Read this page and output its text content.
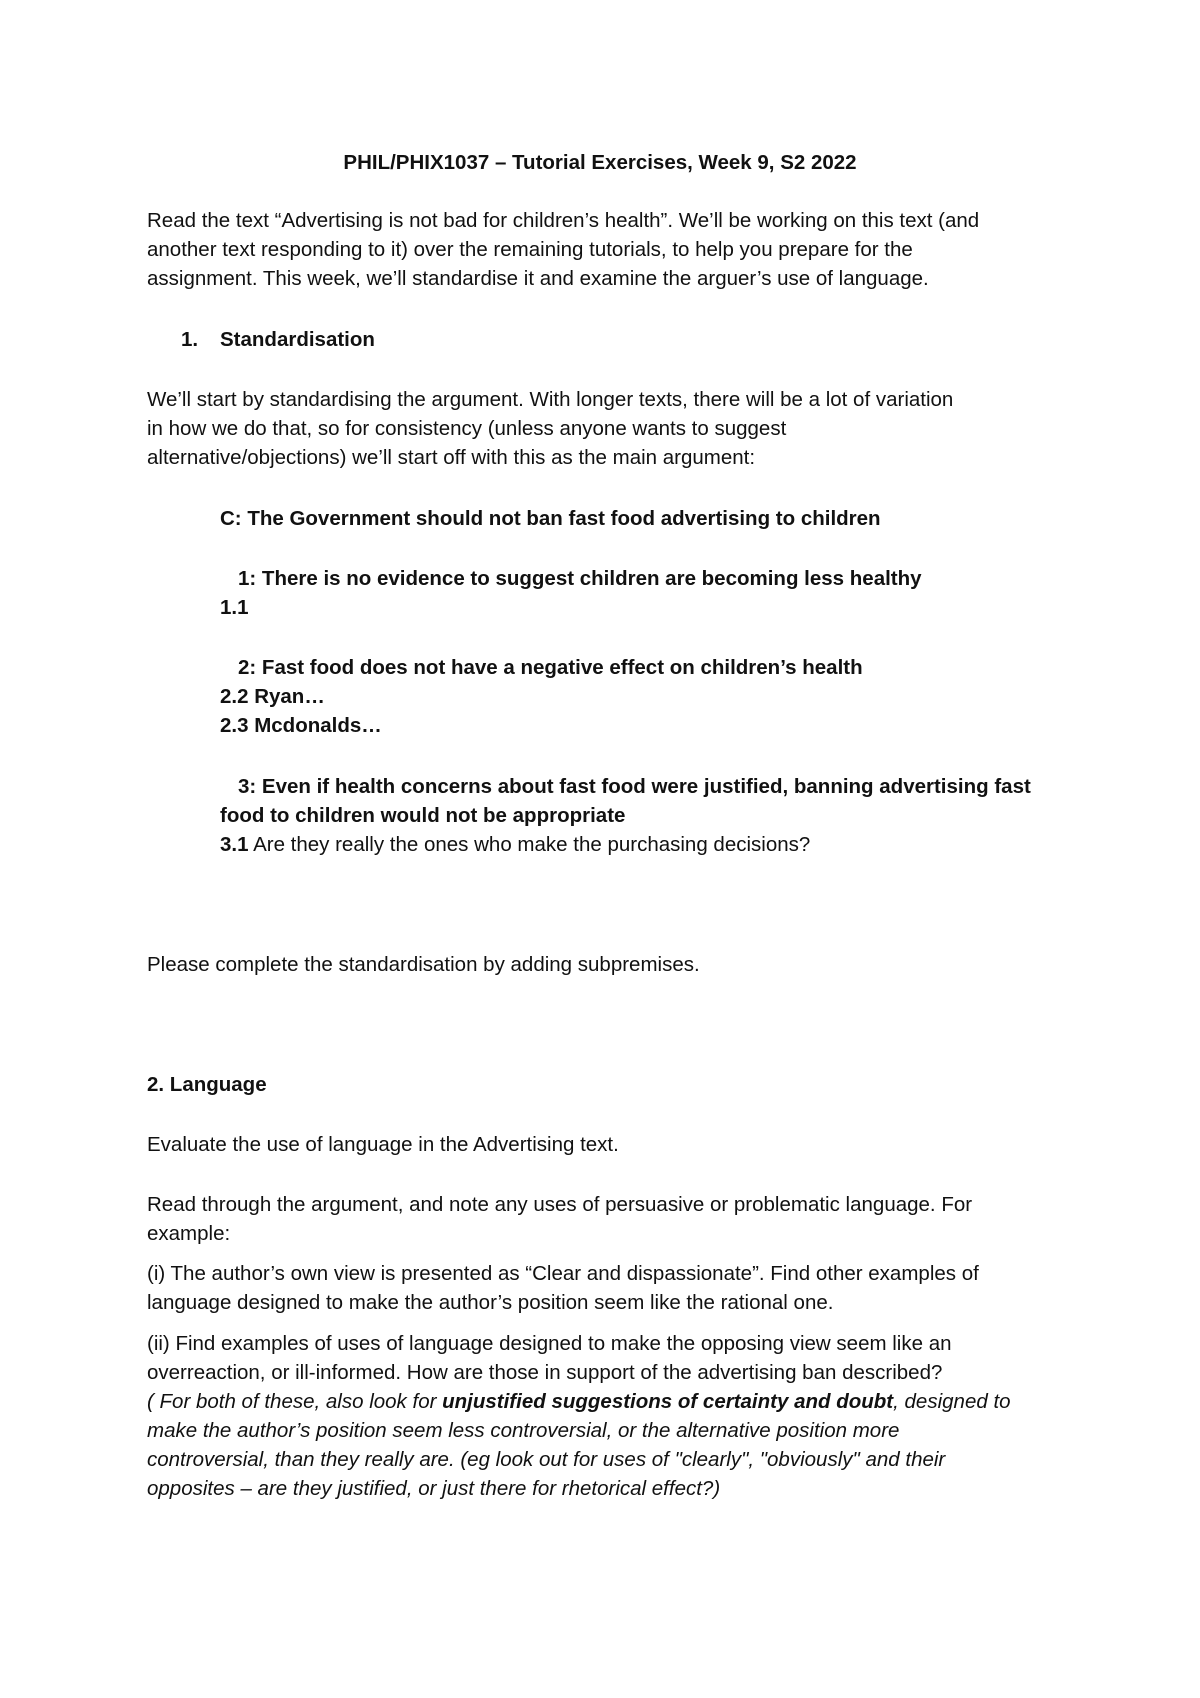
PHIL/PHIX1037 – Tutorial Exercises, Week 9, S2 2022
Read the text “Advertising is not bad for children’s health”. We’ll be working on this text (and
another text responding to it) over the remaining tutorials, to help you prepare for the
assignment. This week, we’ll standardise it and examine the arguer’s use of language.
1. Standardisation
We’ll start by standardising the argument. With longer texts, there will be a lot of variation
in how we do that, so for consistency (unless anyone wants to suggest
alternative/objections) we’ll start off with this as the main argument:
C: The Government should not ban fast food advertising to children
1: There is no evidence to suggest children are becoming less healthy
1.1
2: Fast food does not have a negative effect on children’s health
2.2 Ryan…
2.3 Mcdonalds…
3: Even if health concerns about fast food were justified, banning advertising fast
food to children would not be appropriate
3.1 Are they really the ones who make the purchasing decisions?
Please complete the standardisation by adding subpremises.
2. Language
Evaluate the use of language in the Advertising text.
Read through the argument, and note any uses of persuasive or problematic language. For
example:
(i) The author’s own view is presented as “Clear and dispassionate”. Find other examples of
language designed to make the author’s position seem like the rational one.
(ii) Find examples of uses of language designed to make the opposing view seem like an
overreaction, or ill-informed. How are those in support of the advertising ban described?
( For both of these, also look for unjustified suggestions of certainty and doubt, designed to
make the author’s position seem less controversial, or the alternative position more
controversial, than they really are. (eg look out for uses of "clearly", "obviously" and their
opposites – are they justified, or just there for rhetorical effect?)
